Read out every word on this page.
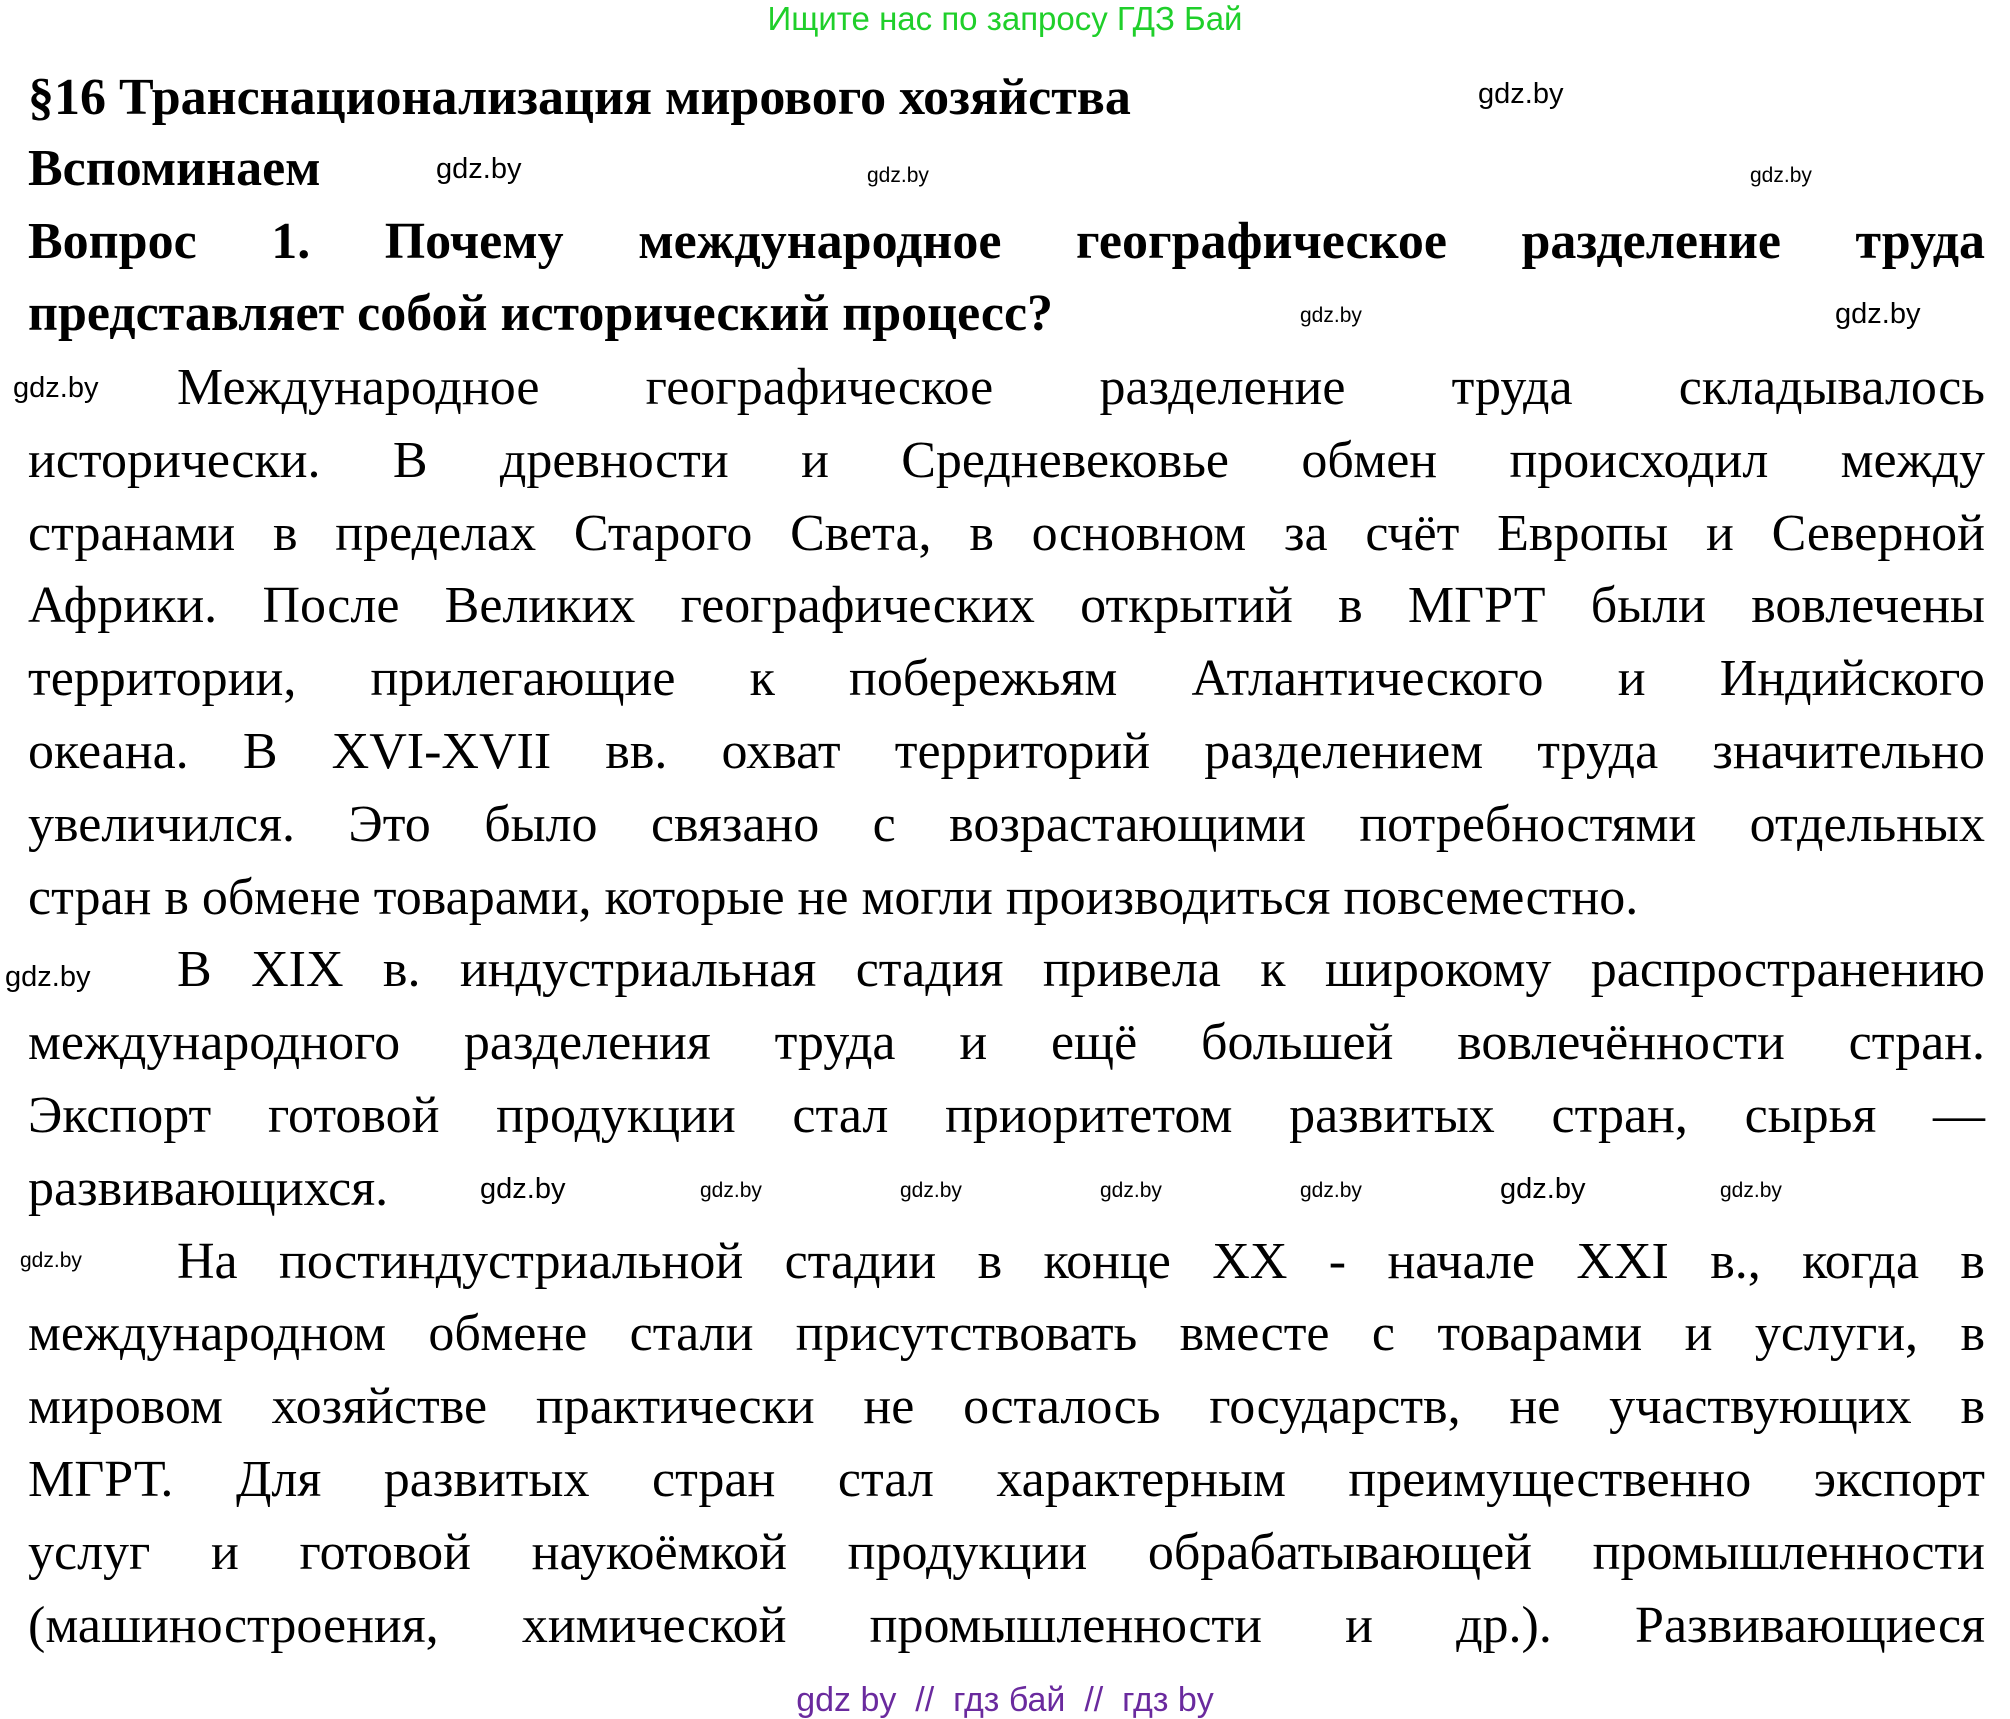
Ищите нас по запросу ГДЗ Бай
§16 Транснационализация мирового хозяйства
Вспоминаем
Вопрос 1. Почему международное географическое разделение труда
представляет собой исторический процесс?
Международное географическое разделение труда складывалось
исторически. В древности и Средневековье обмен происходил между
странами в пределах Старого Света, в основном за счёт Европы и Северной
Африки. После Великих географических открытий в МГРТ были вовлечены
территории, прилегающие к побережьям Атлантического и Индийского
океана. В XVI-XVII вв. охват территорий разделением труда значительно
увеличился. Это было связано с возрастающими потребностями отдельных
стран в обмене товарами, которые не могли производиться повсеместно.
В XIX в. индустриальная стадия привела к широкому распространению
международного разделения труда и ещё большей вовлечённости стран.
Экспорт готовой продукции стал приоритетом развитых стран, сырья —
развивающихся.
На постиндустриальной стадии в конце XX - начале XXI в., когда в
международном обмене стали присутствовать вместе с товарами и услуги, в
мировом хозяйстве практически не осталось государств, не участвующих в
МГРТ. Для развитых стран стал характерным преимущественно экспорт
услуг и готовой наукоёмкой продукции обрабатывающей промышленности
(машиностроения, химической промышленности и др.). Развивающиеся
gdz.by
gdz.by	gdz.by
gdz.by
gdz.by
gdz.by
gdz.by	gdz.by	gdz.by
gdz.by
gdz.by	gdz.by	gdz.by	gdz.by
gdz.by
gdz.by
gdz by  //  гдз бай  //  гдз by
